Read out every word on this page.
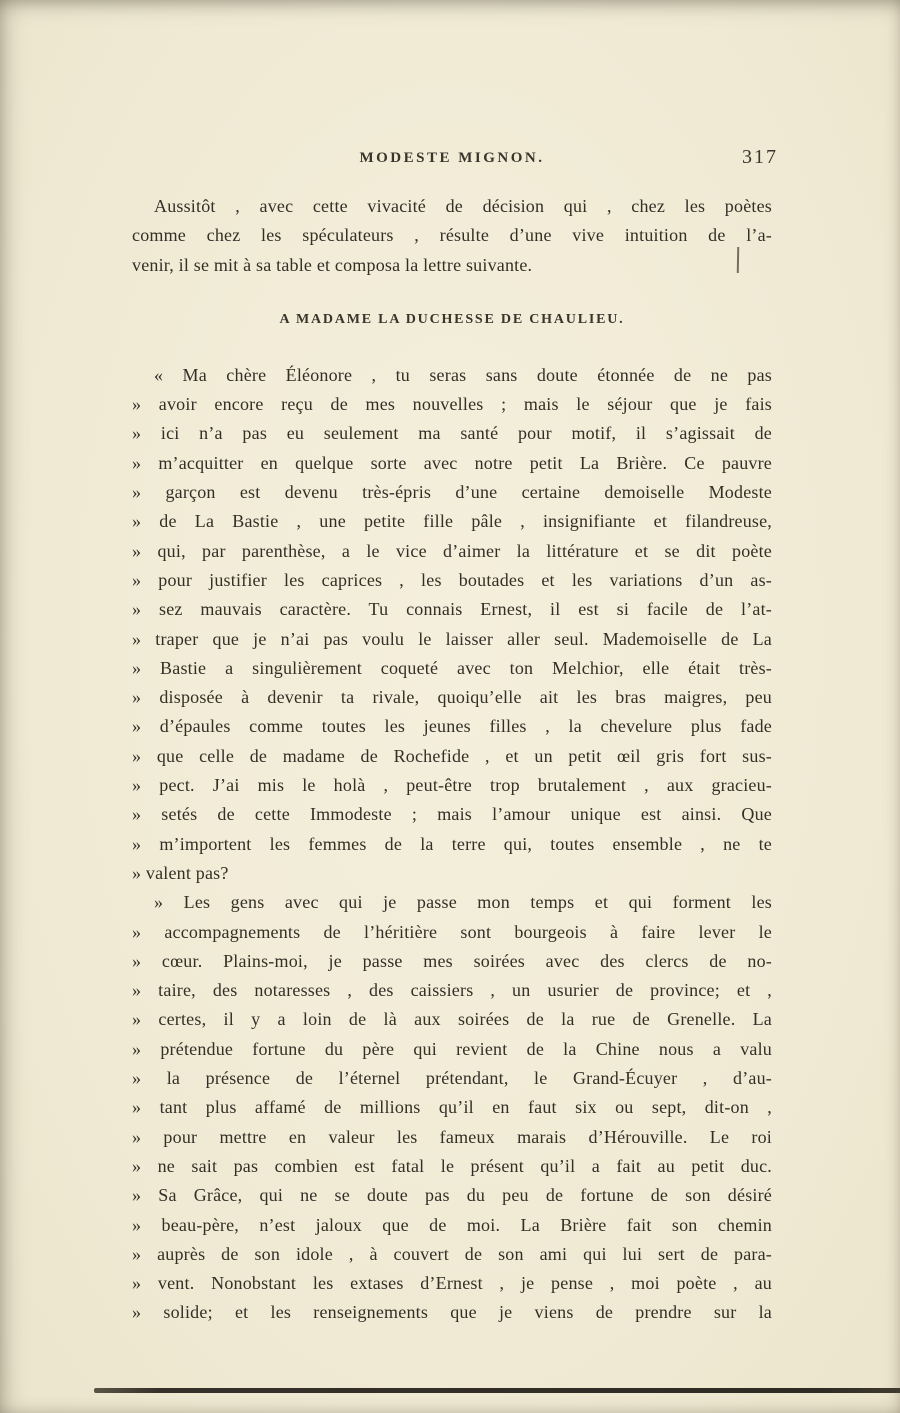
MODESTE MIGNON.	317
Aussitôt , avec cette vivacité de décision qui , chez les poètes
comme chez les spéculateurs , résulte d’une vive intuition de l’a-
venir, il se mit à sa table et composa la lettre suivante.
A MADAME LA DUCHESSE DE CHAULIEU.
« Ma chère Éléonore , tu seras sans doute étonnée de ne pas
» avoir encore reçu de mes nouvelles ; mais le séjour que je fais
» ici n’a pas eu seulement ma santé pour motif, il s’agissait de
» m’acquitter en quelque sorte avec notre petit La Brière. Ce pauvre
» garçon est devenu très-épris d’une certaine demoiselle Modeste
» de La Bastie , une petite fille pâle , insignifiante et filandreuse,
» qui, par parenthèse, a le vice d’aimer la littérature et se dit poète
» pour justifier les caprices , les boutades et les variations d’un as-
» sez mauvais caractère. Tu connais Ernest, il est si facile de l’at-
» traper que je n’ai pas voulu le laisser aller seul. Mademoiselle de La
» Bastie a singulièrement coqueté avec ton Melchior, elle était très-
» disposée à devenir ta rivale, quoiqu’elle ait les bras maigres, peu
» d’épaules comme toutes les jeunes filles , la chevelure plus fade
» que celle de madame de Rochefide , et un petit œil gris fort sus-
» pect. J’ai mis le holà , peut-être trop brutalement , aux gracieu-
» setés de cette Immodeste ; mais l’amour unique est ainsi. Que
» m’importent les femmes de la terre qui, toutes ensemble , ne te
» valent pas?
» Les gens avec qui je passe mon temps et qui forment les
» accompagnements de l’héritière sont bourgeois à faire lever le
» cœur. Plains-moi, je passe mes soirées avec des clercs de no-
» taire, des notaresses , des caissiers , un usurier de province; et ,
» certes, il y a loin de là aux soirées de la rue de Grenelle. La
» prétendue fortune du père qui revient de la Chine nous a valu
» la présence de l’éternel prétendant, le Grand-Écuyer , d’au-
» tant plus affamé de millions qu’il en faut six ou sept, dit-on ,
» pour mettre en valeur les fameux marais d’Hérouville. Le roi
» ne sait pas combien est fatal le présent qu’il a fait au petit duc.
» Sa Grâce, qui ne se doute pas du peu de fortune de son désiré
» beau-père, n’est jaloux que de moi. La Brière fait son chemin
» auprès de son idole , à couvert de son ami qui lui sert de para-
» vent. Nonobstant les extases d’Ernest , je pense , moi poète , au
» solide; et les renseignements que je viens de prendre sur la
